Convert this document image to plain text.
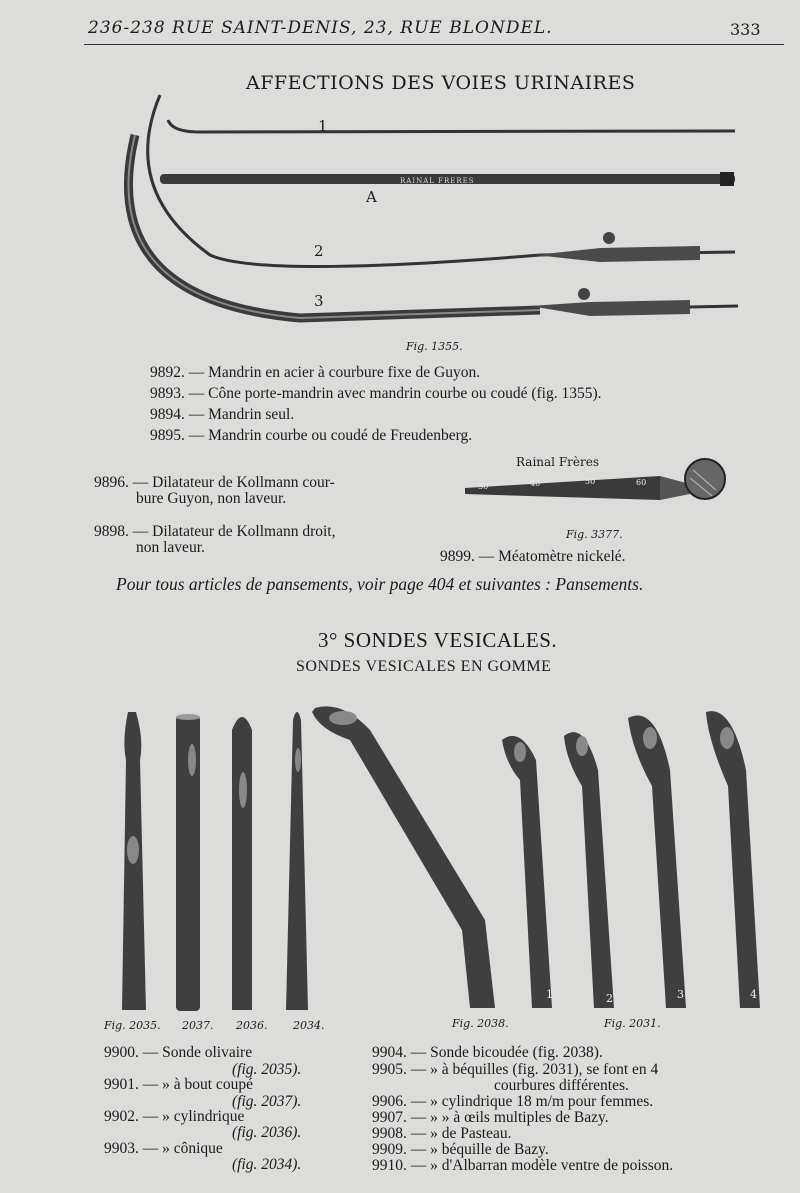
236-238 RUE SAINT-DENIS, 23, RUE BLONDEL.	333
AFFECTIONS DES VOIES URINAIRES
1
A
2
3
RAINAL FRERES
Fig. 1355.
9892. — Mandrin en acier à courbure fixe de Guyon.
9893. — Cône porte-mandrin avec mandrin courbe ou coudé (fig. 1355).
9894. — Mandrin seul.
9895. — Mandrin courbe ou coudé de Freudenberg.
9896. — Dilatateur de Kollmann cour-
bure Guyon, non laveur.
9898. — Dilatateur de Kollmann droit,
non laveur.
Rainal Frères
30	40	50	60
Fig. 3377.
9899. — Méatomètre nickelé.
Pour tous articles de pansements, voir page 404 et suivantes : Pansements.
3° SONDES VESICALES.
SONDES VESICALES EN GOMME
1	2	3	4
Fig. 2035. 2037. 2036. 2034.	Fig. 2038.	Fig. 2031.
9900. — Sonde olivaire
(fig. 2035).
9901. — » à bout coupé
(fig. 2037).
9902. — » cylindrique
(fig. 2036).
9903. — » cônique
(fig. 2034).
9904. — Sonde bicoudée (fig. 2038).
9905. — » à béquilles (fig. 2031), se font en 4
courbures différentes.
9906. — » cylindrique 18 m/m pour femmes.
9907. — » » à œils multiples de Bazy.
9908. — » de Pasteau.
9909. — » béquille de Bazy.
9910. — » d'Albarran modèle ventre de poisson.
